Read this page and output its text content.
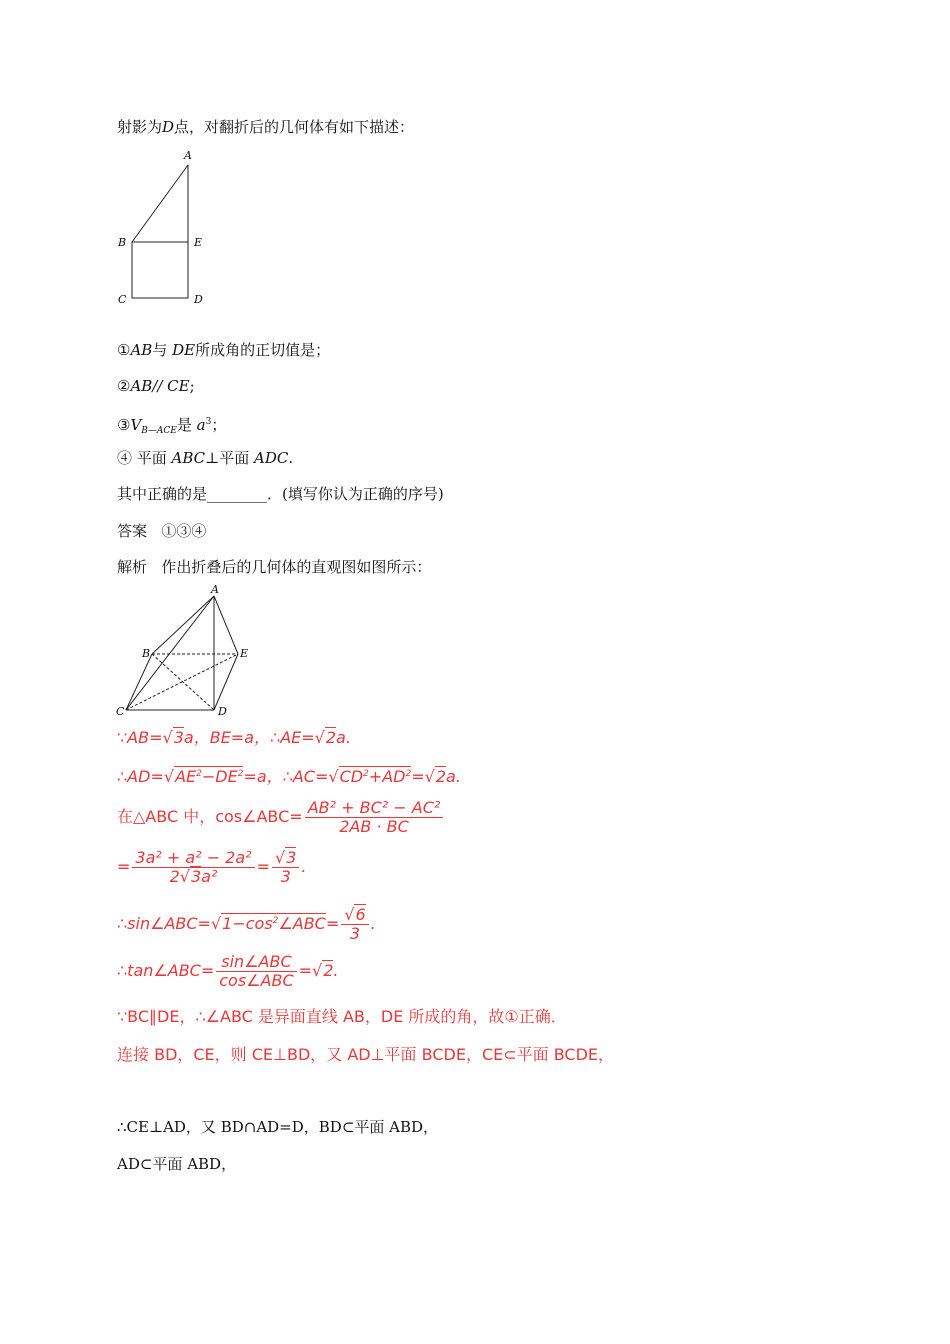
射影为D点，对翻折后的几何体有如下描述：
A
B	E
C	D
①AB与 DE所成角的正切值是；
②AB// CE;
$③V_{B—ACE}$是 $a^3$；
④ 平面 ABC⊥平面 ADC.
其中正确的是________．(填写你认为正确的序号)
答案 ①③④
解析 作出折叠后的几何体的直观图如图所示：
A
B	E
C	D
∵AB=√3a，BE=a，∴AE=√2a.
$\therefore AD=√AE^2-DE^2=a$，$\therefore AC=√CD^2+AD^2=√2a$.
在△ABC 中，cos∠ABC= $\frac{\text{AB² + BC² − AC²}}{2AB \cdot BC}$
= $\frac{\text{3a² + a² − 2a²}}{\text{2√3a²}} = \frac{√3}{3}$ .
$\therefore\sin\angle ABC=√1-\cos^2\angle ABC= \frac{√6}{3}$ .
∴tan∠ABC= $\frac{\text{sin∠ABC}}{\text{cos∠ABC}} =√2$.
∵BC∥DE，∴∠ABC 是异面直线 AB，DE 所成的角，故①正确．
连接 BD，CE，则 CE⊥BD，又 AD⊥平面 BCDE，CE⊂平面 BCDE，
∴CE⊥AD，又 BD∩AD=D，BD⊂平面 ABD，
AD⊂平面 ABD，
